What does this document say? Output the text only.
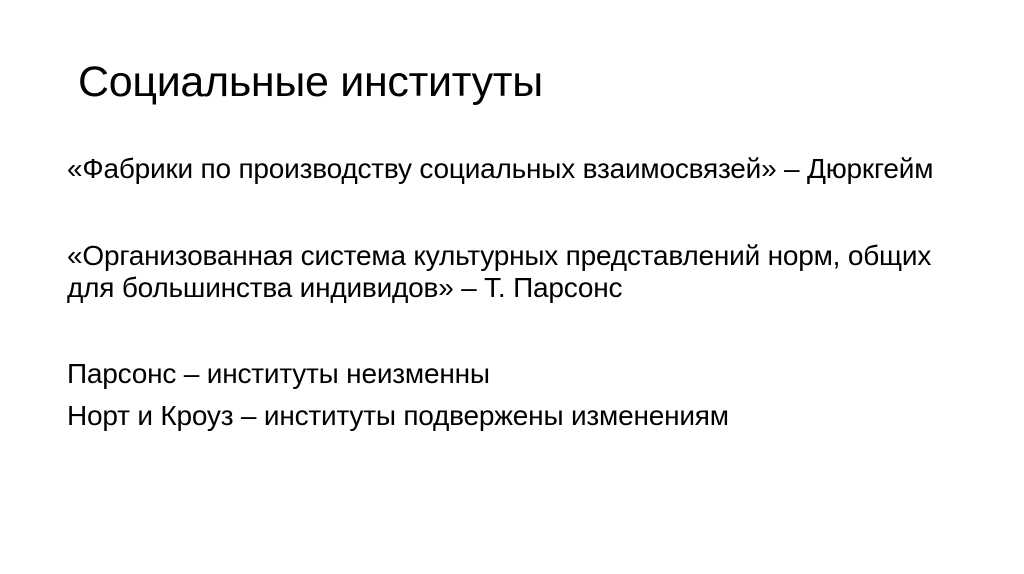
Социальные институты

«Фабрики по производству социальных взаимосвязей» – Дюркгейм

«Организованная система культурных представлений норм, общих

для большинства индивидов» – Т. Парсонс

Парсонс – институты неизменны

Норт и Кроуз – институты подвержены изменениям
